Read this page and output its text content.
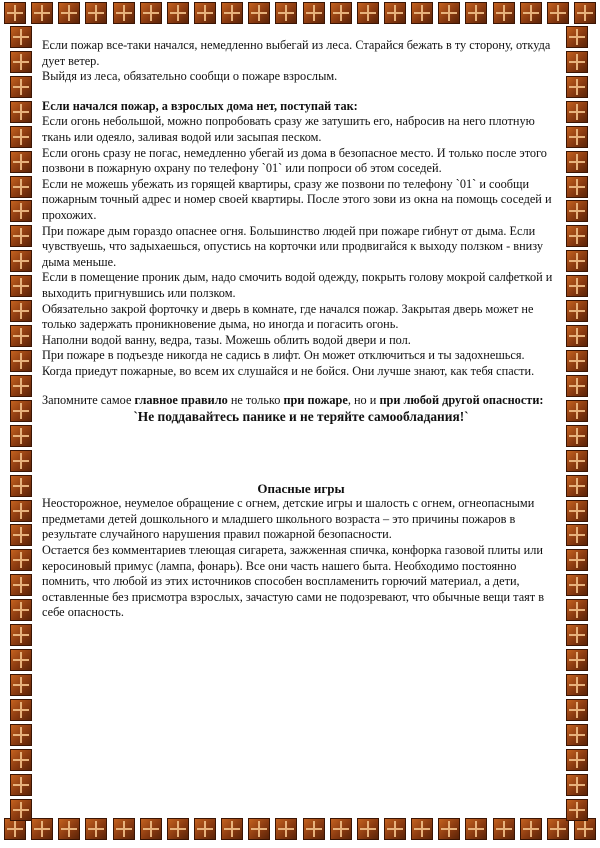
Если пожар все-таки начался, немедленно выбегай из леса. Старайся бежать в ту сторону, откуда дует ветер.

Выйдя из леса, обязательно сообщи о пожаре взрослым.

Если начался пожар, а взрослых дома нет, поступай так:

Если огонь небольшой, можно попробовать сразу же затушить его, набросив на него плотную ткань или одеяло, заливая водой или засыпая песком.

Если огонь сразу не погас, немедленно убегай из дома в безопасное место. И только после этого позвони в пожарную охрану по телефону `01` или попроси об этом соседей.

Если не можешь убежать из горящей квартиры, сразу же позвони по телефону `01` и сообщи пожарным точный адрес и номер своей квартиры. После этого зови из окна на помощь соседей и прохожих.

При пожаре дым гораздо опаснее огня. Большинство людей при пожаре гибнут от дыма. Если чувствуешь, что задыхаешься, опустись на корточки или продвигайся к выходу ползком - внизу дыма меньше.

Если в помещение проник дым, надо смочить водой одежду, покрыть голову мокрой салфеткой и выходить пригнувшись или ползком.

Обязательно закрой форточку и дверь в комнате, где начался пожар. Закрытая дверь может не только задержать проникновение дыма, но иногда и погасить огонь.

Наполни водой ванну, ведра, тазы. Можешь облить водой двери и пол.

При пожаре в подъезде никогда не садись в лифт. Он может отключиться и ты задохнешься.

Когда приедут пожарные, во всем их слушайся и не бойся. Они лучше знают, как тебя спасти.

Запомните самое главное правило не только при пожаре, но и при любой другой опасности:

`Не поддавайтесь панике и не теряйте самообладания!`

Опасные игры

Неосторожное, неумелое обращение с огнем, детские игры и шалость с огнем, огнеопасными предметами детей дошкольного и младшего школьного возраста – это причины пожаров в результате случайного нарушения правил пожарной безопасности.

Остается без комментариев тлеющая сигарета, зажженная спичка, конфорка газовой плиты или керосиновый примус (лампа, фонарь). Все они часть нашего быта. Необходимо постоянно помнить, что любой из этих источников способен воспламенить горючий материал, а дети, оставленные без присмотра взрослых, зачастую сами не подозревают, что обычные вещи таят в себе опасность.
